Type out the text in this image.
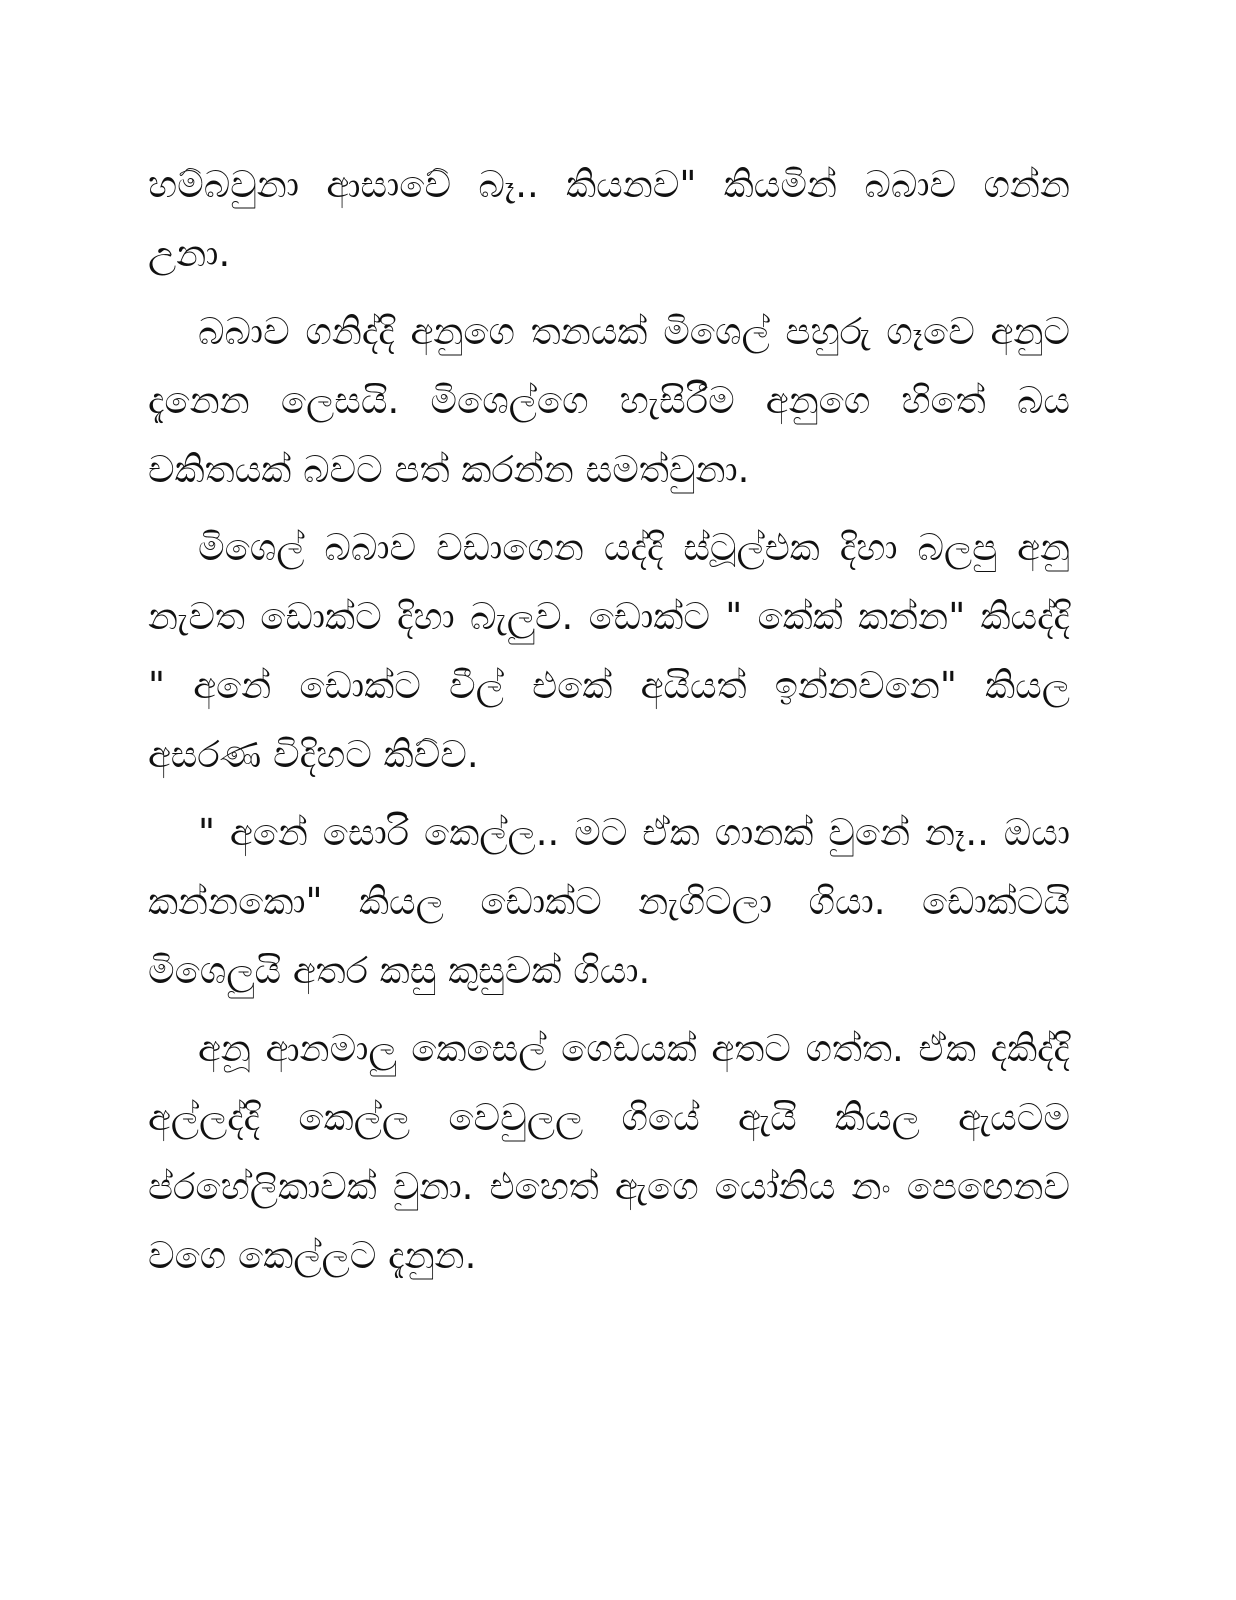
හම්බවුනා ආසාවේ බෑ.. කියනව" කියමින් බබාව ගන්න උනා.

බබාව ගනිද්දි අනුගෙ තනයක් මිශෙල් පහුරු ගෑවෙ අනුට දැනෙන ලෙසයි. මිශෙල්ගෙ හැසිරීම අනුගෙ හිතේ බය චකිතයක් බවට පත් කරන්න සමත්වුනා.

මිශෙල් බබාව වඩාගෙන යද්දි ස්ටූල්එක දිහා බලපු අනු නැවත ඩොක්ට දිහා බැලුව. ඩොක්ට " කේක් කන්න" කියද්දි " අනේ ඩොක්ට වීල් එකේ අයියත් ඉන්නවනෙ" කියල අසරණ විදිහට කිව්ව.

" අනේ සොරි කෙල්ල.. මට ඒක ගානක් වුනේ නෑ.. ඔයා කන්නකො" කියල ඩොක්ට නැගිටලා ගියා. ඩොක්ටයි මිශෙලුයි අතර කසු කුසුවක් ගියා.

අනූ ආනමාලු කෙසෙල් ගෙඩයක් අතට ගත්ත. ඒක දකිද්දි අල්ලද්දි කෙල්ල වෙවුලල ගියේ ඇයි කියල ඇයටම ප්රහේලිකාවක් වුනා. එහෙත් ඇගෙ යෝනිය නං පෙඟෙනව වගෙ කෙල්ලට දැනුන.
